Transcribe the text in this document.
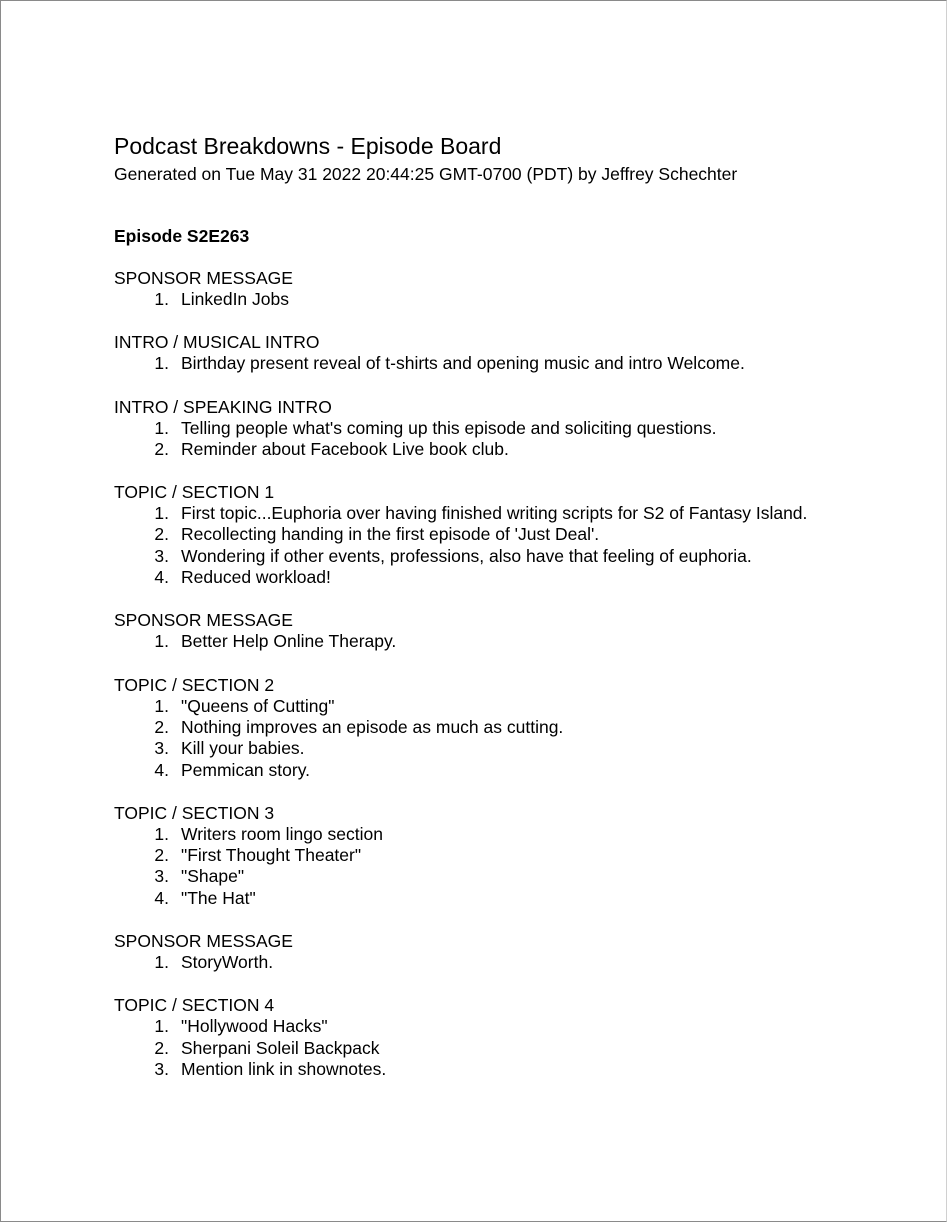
Podcast Breakdowns - Episode Board

Generated on Tue May 31 2022 20:44:25 GMT-0700 (PDT) by Jeffrey Schechter

Episode S2E263

SPONSOR MESSAGE

1. LinkedIn Jobs

INTRO / MUSICAL INTRO

1. Birthday present reveal of t-shirts and opening music and intro Welcome.

INTRO / SPEAKING INTRO

1. Telling people what's coming up this episode and soliciting questions.
2. Reminder about Facebook Live book club.

TOPIC / SECTION 1

1. First topic...Euphoria over having finished writing scripts for S2 of Fantasy Island.
2. Recollecting handing in the first episode of 'Just Deal'.
3. Wondering if other events, professions, also have that feeling of euphoria.
4. Reduced workload!

SPONSOR MESSAGE

1. Better Help Online Therapy.

TOPIC / SECTION 2

1. "Queens of Cutting"
2. Nothing improves an episode as much as cutting.
3. Kill your babies.
4. Pemmican story.

TOPIC / SECTION 3

1. Writers room lingo section
2. "First Thought Theater"
3. "Shape"
4. "The Hat"

SPONSOR MESSAGE

1. StoryWorth.

TOPIC / SECTION 4

1. "Hollywood Hacks"
2. Sherpani Soleil Backpack
3. Mention link in shownotes.
